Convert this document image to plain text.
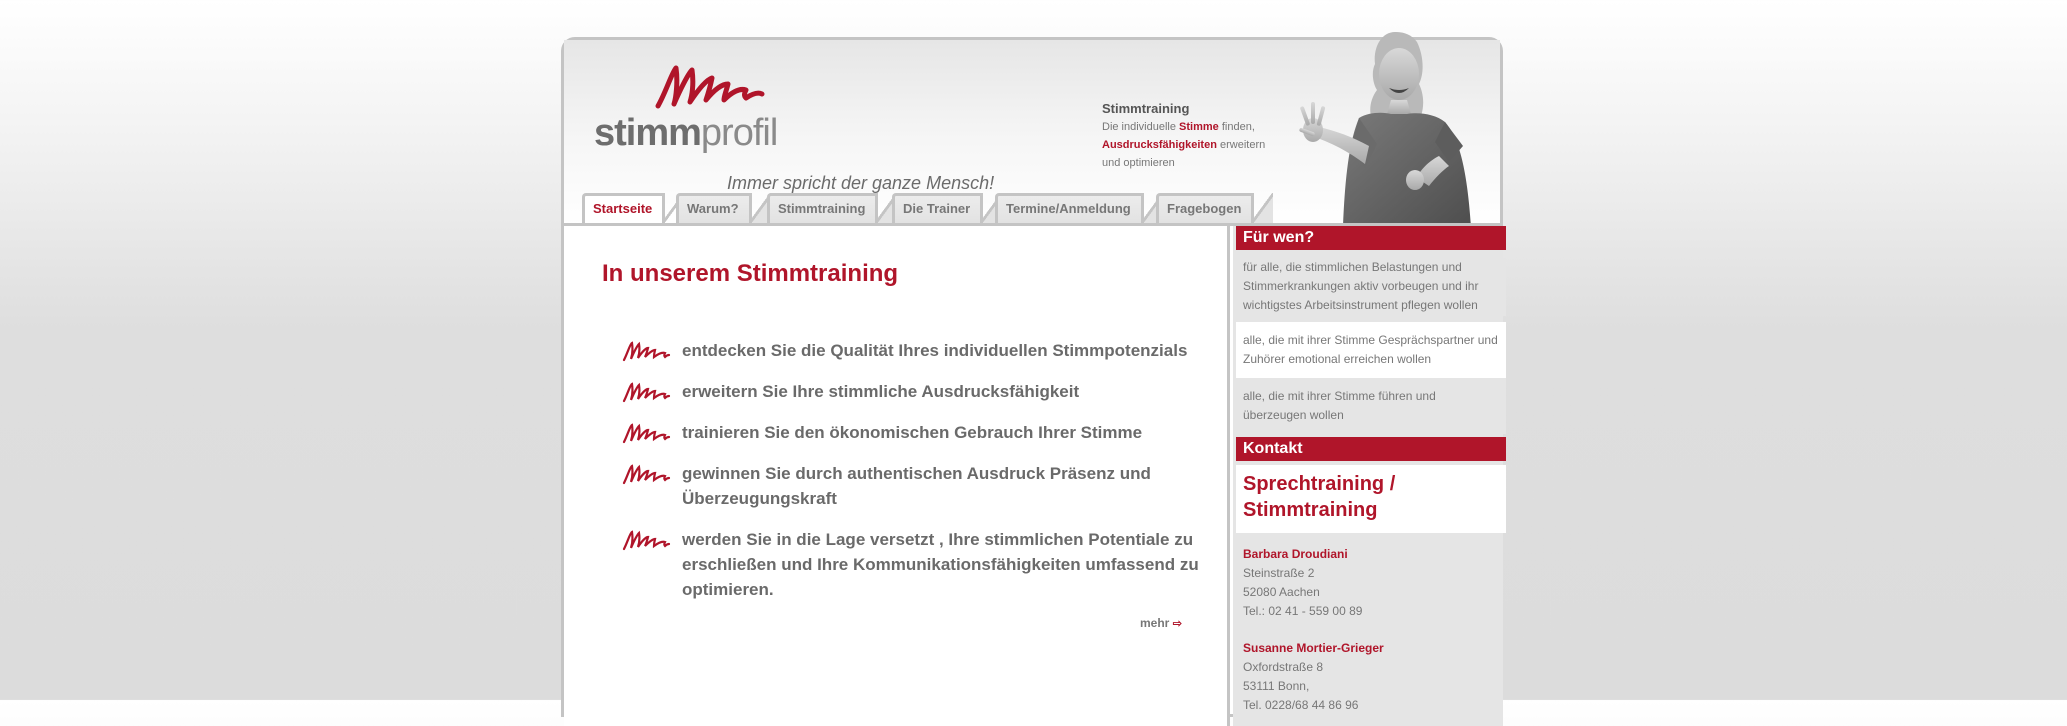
stimmprofil
Immer spricht der ganze Mensch!
Stimmtraining
Die individuelle Stimme finden,
Ausdrucksfähigkeiten erweitern
und optimieren
Startseite	Warum?	Stimmtraining	Die Trainer	Termine/Anmeldung	Fragebogen
In unserem Stimmtraining
entdecken Sie die Qualität Ihres individuellen Stimmpotenzials
erweitern Sie Ihre stimmliche Ausdrucksfähigkeit
trainieren Sie den ökonomischen Gebrauch Ihrer Stimme
gewinnen Sie durch authentischen Ausdruck Präsenz und Überzeugungskraft
werden Sie in die Lage versetzt , Ihre stimmlichen Potentiale zu erschließen und Ihre Kommunikationsfähigkeiten umfassend zu optimieren.
mehr ⇨
Für wen?
für alle, die stimmlichen Belastungen und Stimmerkrankungen aktiv vorbeugen und ihr wichtigstes Arbeitsinstrument pflegen wollen
alle, die mit ihrer Stimme Gesprächspartner und Zuhörer emotional erreichen wollen
alle, die mit ihrer Stimme führen und überzeugen wollen
Kontakt
Sprechtraining /
Stimmtraining
Barbara Droudiani
Steinstraße 2
52080 Aachen
Tel.: 02 41 - 559 00 89
Susanne Mortier-Grieger
Oxfordstraße 8
53111 Bonn,
Tel. 0228/68 44 86 96
